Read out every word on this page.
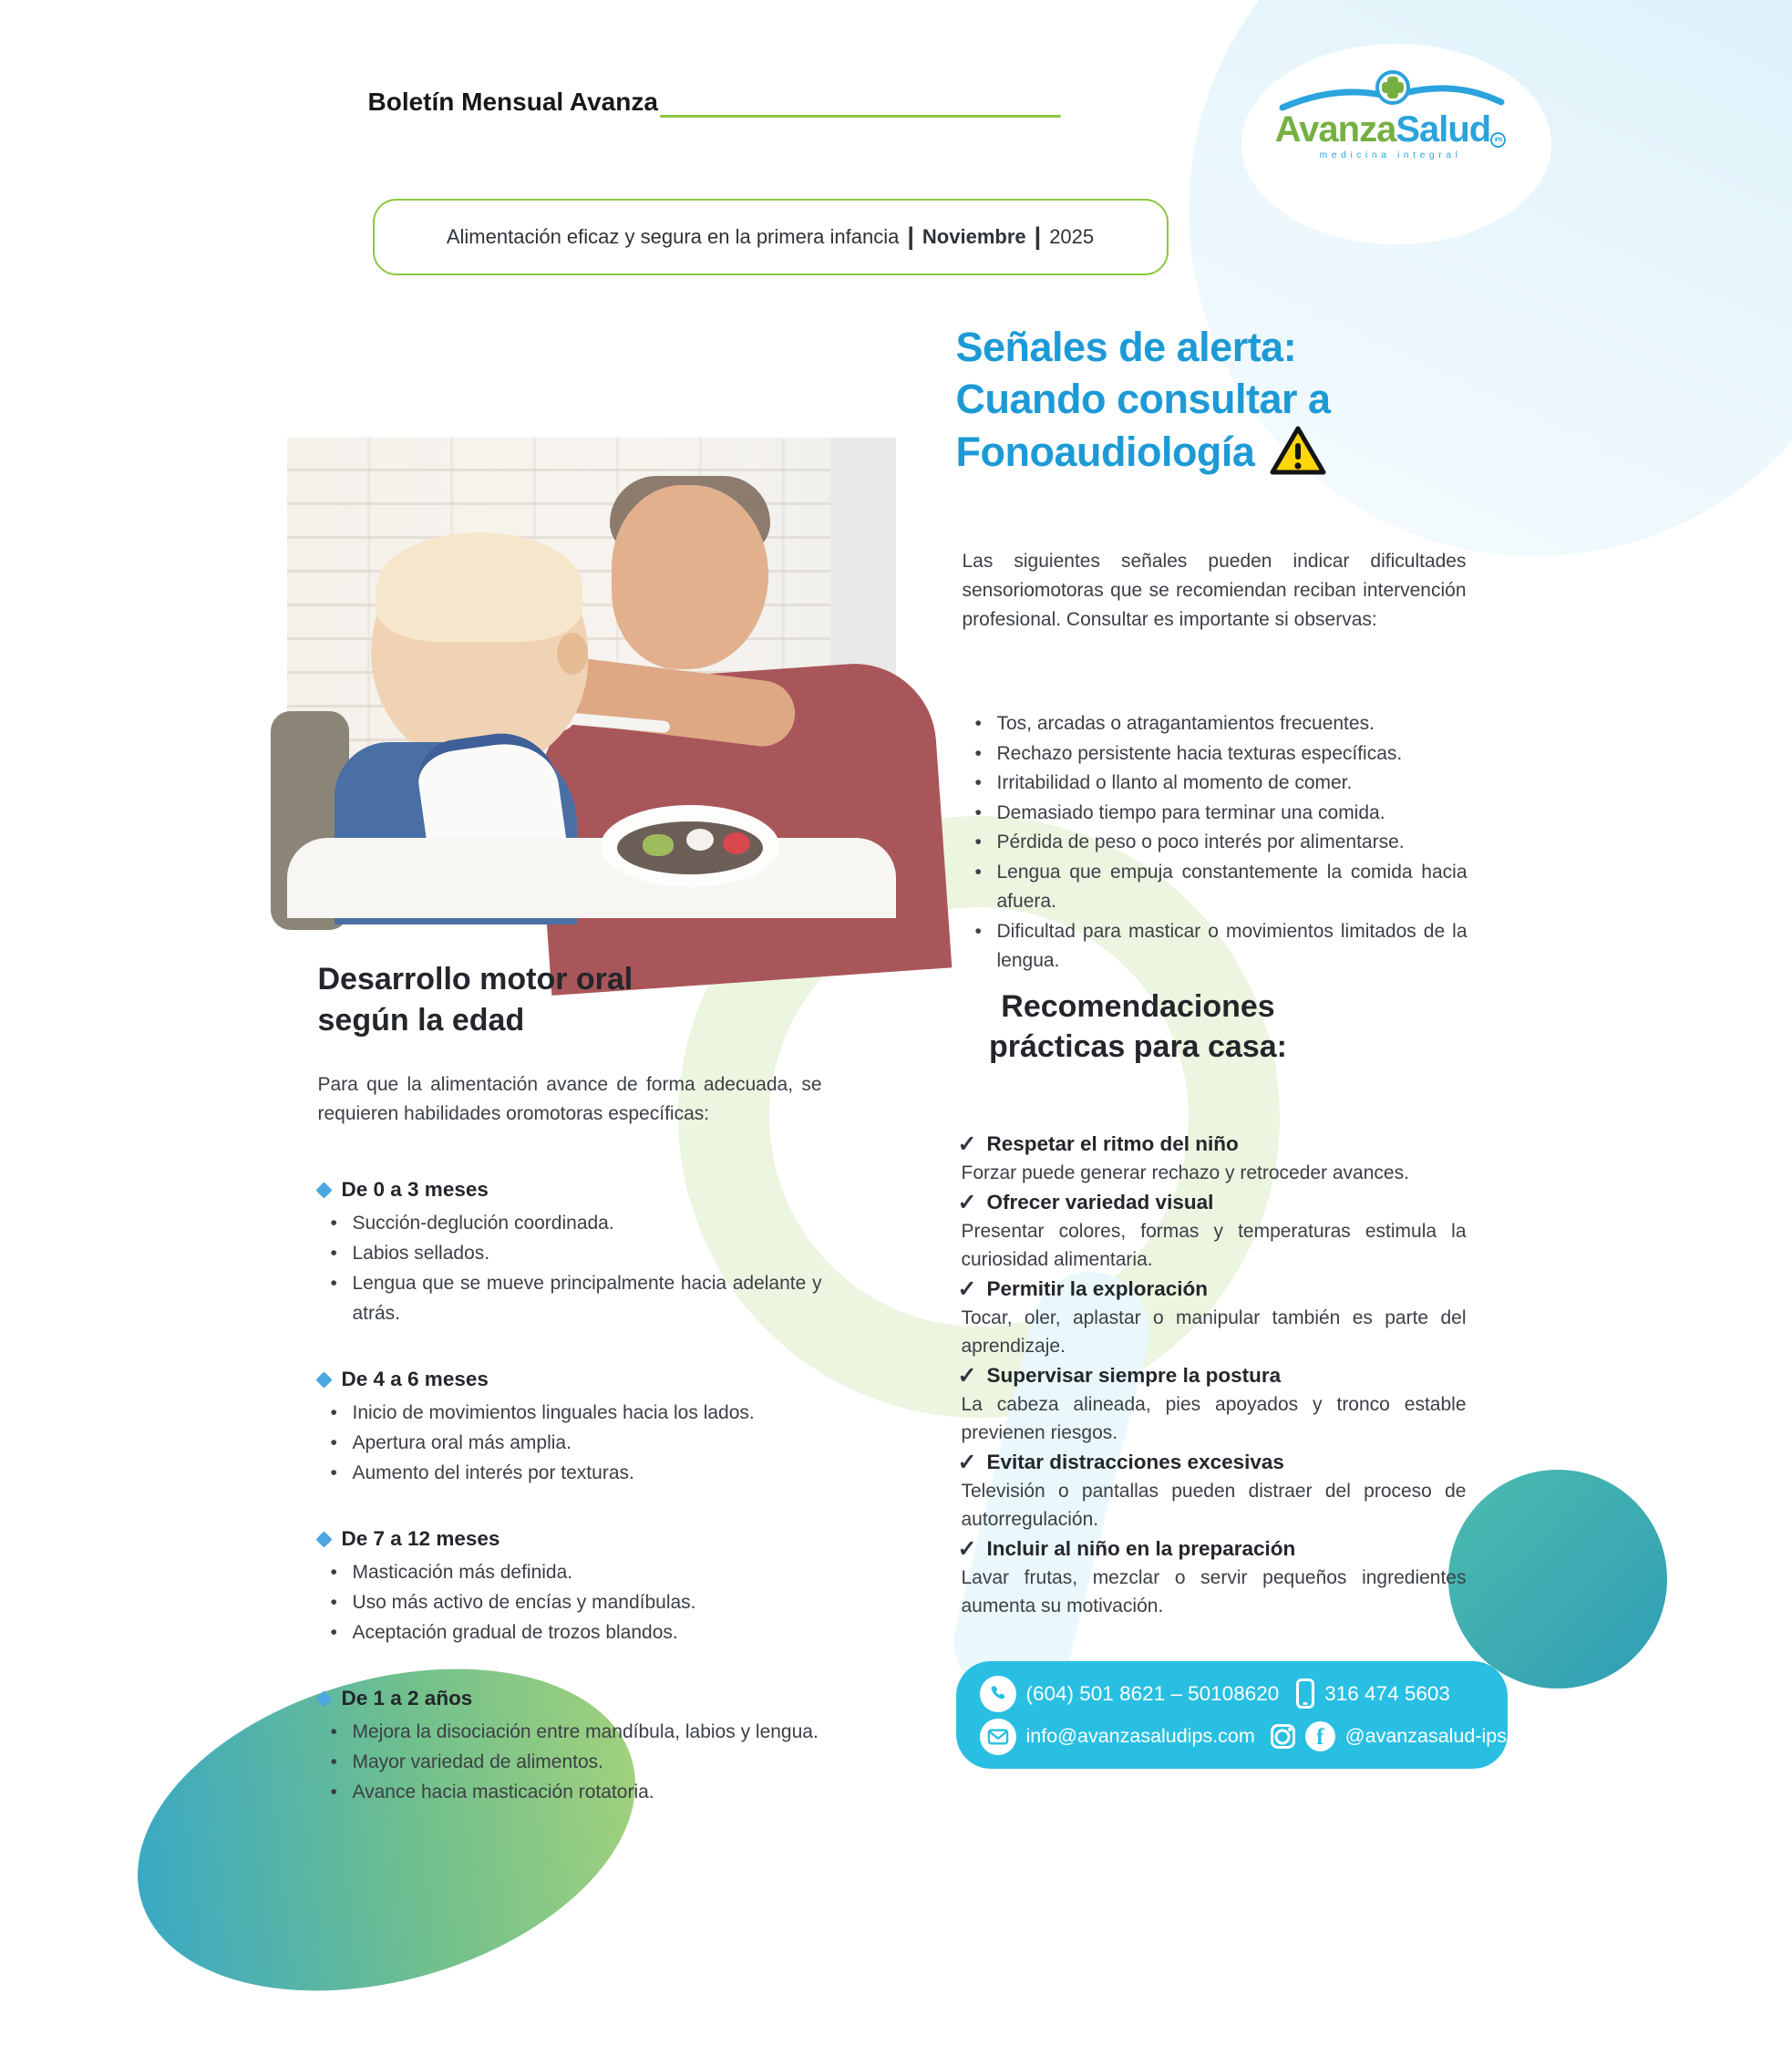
Boletín Mensual Avanza
AvanzaSalud IPS
medicina integral
Alimentación eficaz y segura en la primera infancia | Noviembre | 2025
Señales de alerta:
Cuando consultar a
Fonoaudiología
Las siguientes señales pueden indicar dificultades sensoriomotoras que se recomiendan reciban intervención profesional. Consultar es importante si observas:
• Tos, arcadas o atragantamientos frecuentes.
• Rechazo persistente hacia texturas específicas.
• Irritabilidad o llanto al momento de comer.
• Demasiado tiempo para terminar una comida.
• Pérdida de peso o poco interés por alimentarse.
• Lengua que empuja constantemente la comida hacia afuera.
• Dificultad para masticar o movimientos limitados de la lengua.
Desarrollo motor oral
según la edad
Para que la alimentación avance de forma adecuada, se requieren habilidades oromotoras específicas:
De 0 a 3 meses
• Succión-deglución coordinada.
• Labios sellados.
• Lengua que se mueve principalmente hacia adelante y atrás.
De 4 a 6 meses
• Inicio de movimientos linguales hacia los lados.
• Apertura oral más amplia.
• Aumento del interés por texturas.
De 7 a 12 meses
• Masticación más definida.
• Uso más activo de encías y mandíbulas.
• Aceptación gradual de trozos blandos.
De 1 a 2 años
• Mejora la disociación entre mandíbula, labios y lengua.
• Mayor variedad de alimentos.
• Avance hacia masticación rotatoria.
Recomendaciones
prácticas para casa:
✓ Respetar el ritmo del niño
Forzar puede generar rechazo y retroceder avances.
✓ Ofrecer variedad visual
Presentar colores, formas y temperaturas estimula la curiosidad alimentaria.
✓ Permitir la exploración
Tocar, oler, aplastar o manipular también es parte del aprendizaje.
✓ Supervisar siempre la postura
La cabeza alineada, pies apoyados y tronco estable previenen riesgos.
✓ Evitar distracciones excesivas
Televisión o pantallas pueden distraer del proceso de autorregulación.
✓ Incluir al niño en la preparación
Lavar frutas, mezclar o servir pequeños ingredientes aumenta su motivación.
(604) 501 8621 – 50108620 316 474 5603
info@avanzasaludips.com	f	@avanzasalud-ips
